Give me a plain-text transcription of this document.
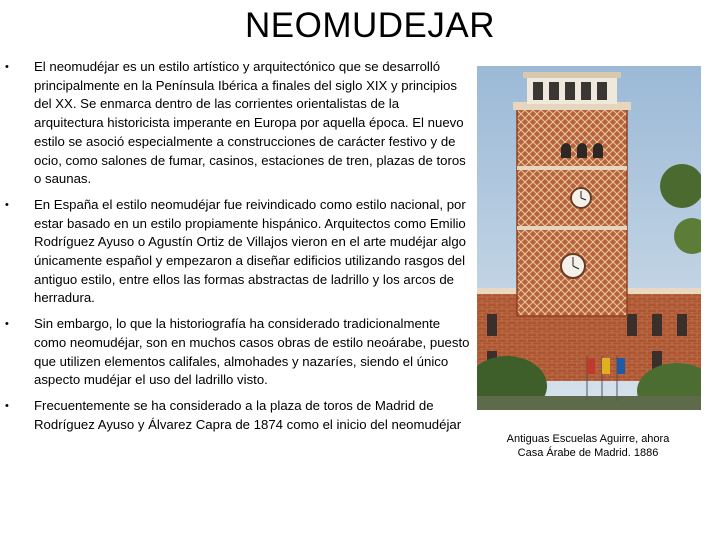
NEOMUDEJAR
• El neomudéjar es un estilo artístico y arquitectónico que se desarrolló principalmente en la Península Ibérica a finales del siglo XIX y principios del XX. Se enmarca dentro de las corrientes orientalistas de la arquitectura historicista imperante en Europa por aquella época. El nuevo estilo se asoció especialmente a construcciones de carácter festivo y de ocio, como salones de fumar, casinos, estaciones de tren, plazas de toros o saunas.
• En España el estilo neomudéjar fue reivindicado como estilo nacional, por estar basado en un estilo propiamente hispánico. Arquitectos como Emilio Rodríguez Ayuso o Agustín Ortiz de Villajos vieron en el arte mudéjar algo únicamente español y empezaron a diseñar edificios utilizando rasgos del antiguo estilo, entre ellos las formas abstractas de ladrillo y los arcos de herradura.
• Sin embargo, lo que la historiografía ha considerado tradicionalmente como neomudéjar, son en muchos casos obras de estilo neoárabe, puesto que utilizen elementos califales, almohades y nazaríes, siendo el único aspecto mudéjar el uso del ladrillo visto.
• Frecuentemente se ha considerado a la plaza de toros de Madrid de Rodríguez Ayuso y Álvarez Capra de 1874 como el inicio del neomudéjar
Antiguas Escuelas Aguirre, ahora
Casa Árabe de Madrid. 1886
